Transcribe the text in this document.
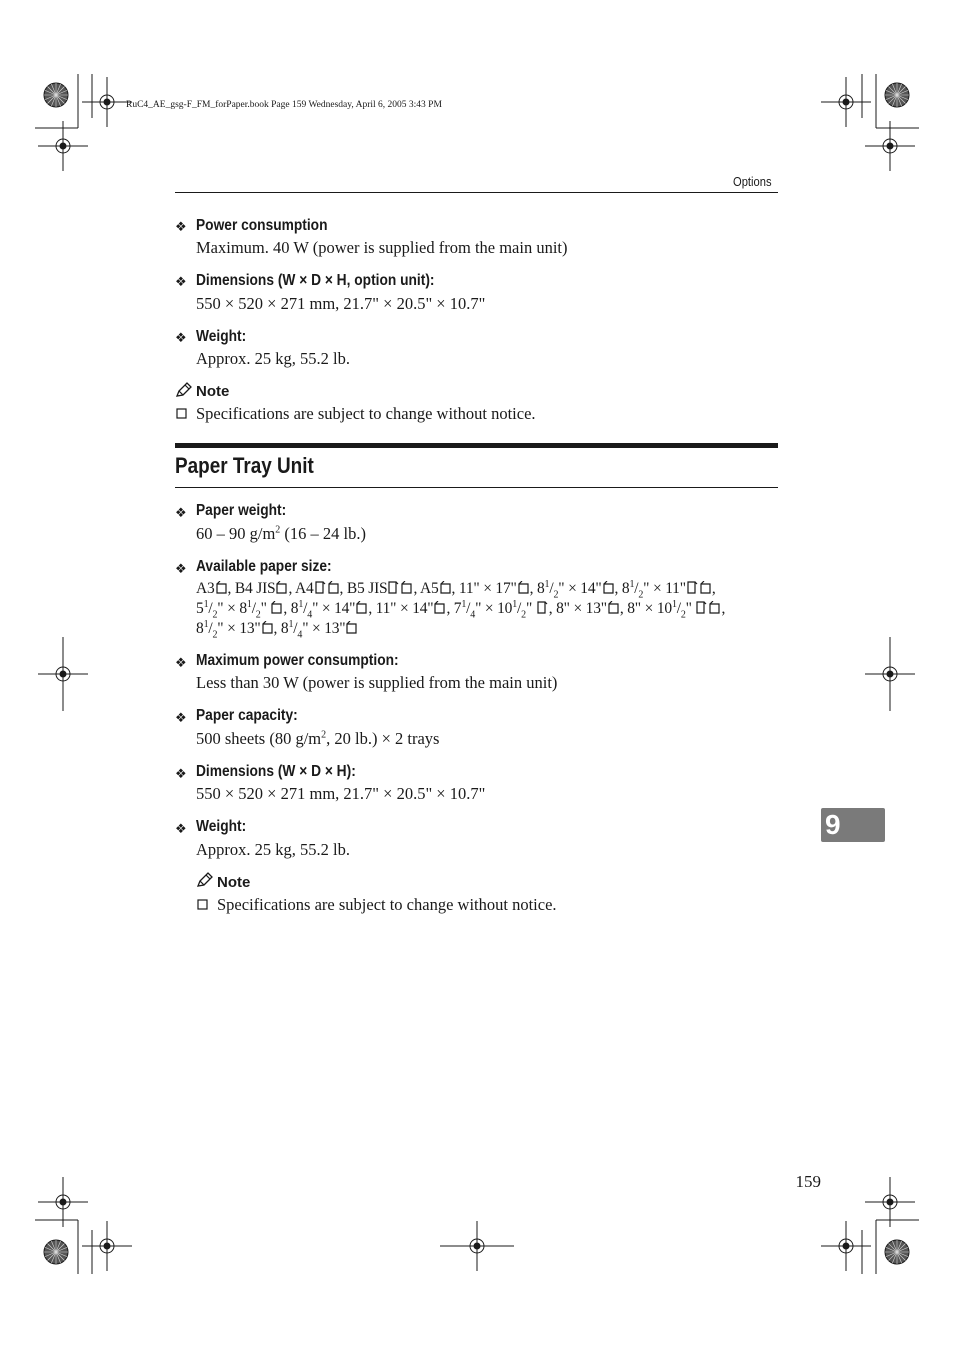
RuC4_AE_gsg-F_FM_forPaper.book Page 159 Wednesday, April 6, 2005 3:43 PM
Options
❖ Power consumption
Maximum. 40 W (power is supplied from the main unit)
❖ Dimensions (W × D × H, option unit):
550 × 520 × 271 mm, 21.7" × 20.5" × 10.7"
❖ Weight:
Approx. 25 kg, 55.2 lb.
Note
Specifications are subject to change without notice.
Paper Tray Unit
❖ Paper weight:
60 – 90 $g/m^2$ (16 – 24 lb.)
❖ Available paper size:
A3 , B4 JIS , A4 , B5 JIS , A5 , 11" × 17" , $8^1/_2$" × 14" , $8^1/_2$" × 11" ,
$5^1/_2$" × $8^1/_2$" , $8^1/_4$" × 14" , 11" × 14" , $7^1/_4$" × $10^1/_2$" , 8" × 13" , 8" × $10^1/_2$" ,
$8^1/_2$" × 13" , $8^1/_4$" × 13"
❖ Maximum power consumption:
Less than 30 W (power is supplied from the main unit)
❖ Paper capacity:
500 sheets (80 $g/m^2$, 20 lb.) × 2 trays
❖ Dimensions (W × D × H):
550 × 520 × 271 mm, 21.7" × 20.5" × 10.7"
❖ Weight:
Approx. 25 kg, 55.2 lb.
Note
Specifications are subject to change without notice.
9
159
